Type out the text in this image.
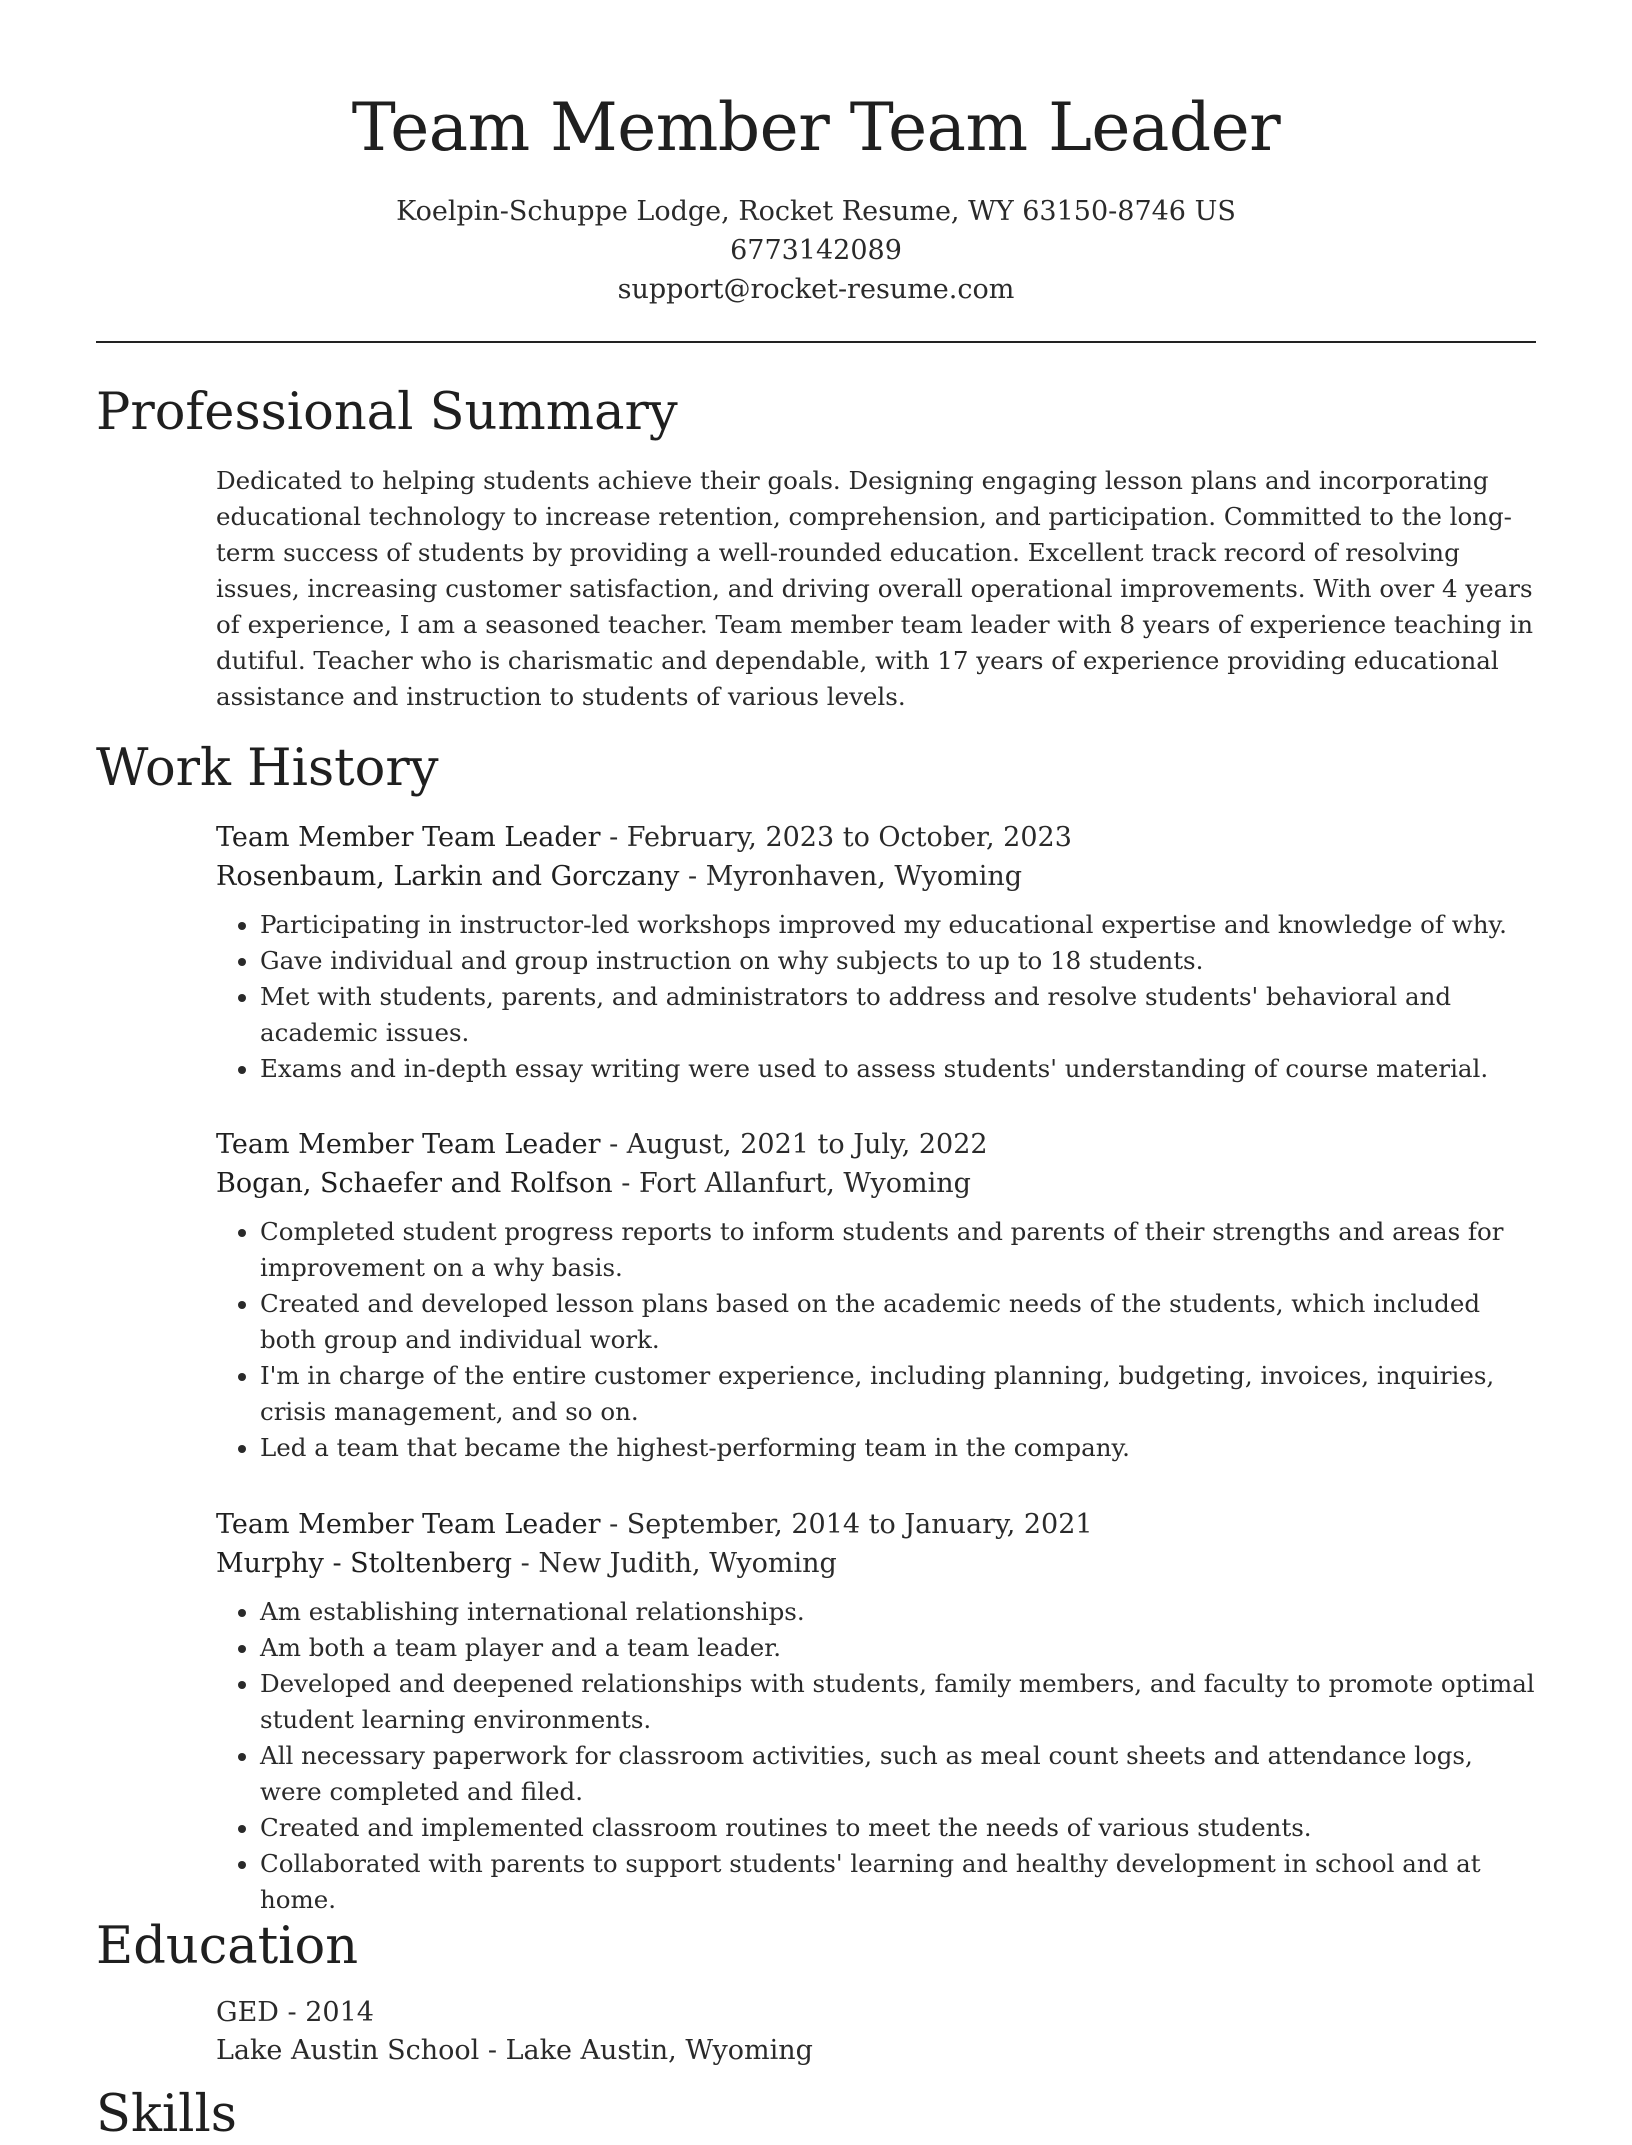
Team Member Team Leader
Koelpin-Schuppe Lodge, Rocket Resume, WY 63150-8746 US
6773142089
support@rocket-resume.com
Professional Summary

Dedicated to helping students achieve their goals. Designing engaging lesson plans and incorporating educational technology to increase retention, comprehension, and participation. Committed to the long-term success of students by providing a well-rounded education. Excellent track record of resolving issues, increasing customer satisfaction, and driving overall operational improvements. With over 4 years of experience, I am a seasoned teacher. Team member team leader with 8 years of experience teaching in dutiful. Teacher who is charismatic and dependable, with 17 years of experience providing educational assistance and instruction to students of various levels.

Work History
Team Member Team Leader - February, 2023 to October, 2023
Rosenbaum, Larkin and Gorczany - Myronhaven, Wyoming
• Participating in instructor-led workshops improved my educational expertise and knowledge of why.
• Gave individual and group instruction on why subjects to up to 18 students.
• Met with students, parents, and administrators to address and resolve students' behavioral and academic issues.
• Exams and in-depth essay writing were used to assess students' understanding of course material.
Team Member Team Leader - August, 2021 to July, 2022
Bogan, Schaefer and Rolfson - Fort Allanfurt, Wyoming
• Completed student progress reports to inform students and parents of their strengths and areas for improvement on a why basis.
• Created and developed lesson plans based on the academic needs of the students, which included both group and individual work.
• I'm in charge of the entire customer experience, including planning, budgeting, invoices, inquiries, crisis management, and so on.
• Led a team that became the highest-performing team in the company.
Team Member Team Leader - September, 2014 to January, 2021
Murphy - Stoltenberg - New Judith, Wyoming
• Am establishing international relationships.
• Am both a team player and a team leader.
• Developed and deepened relationships with students, family members, and faculty to promote optimal student learning environments.
• All necessary paperwork for classroom activities, such as meal count sheets and attendance logs, were completed and filed.
• Created and implemented classroom routines to meet the needs of various students.
• Collaborated with parents to support students' learning and healthy development in school and at home.
Education
GED - 2014
Lake Austin School - Lake Austin, Wyoming
Skills
